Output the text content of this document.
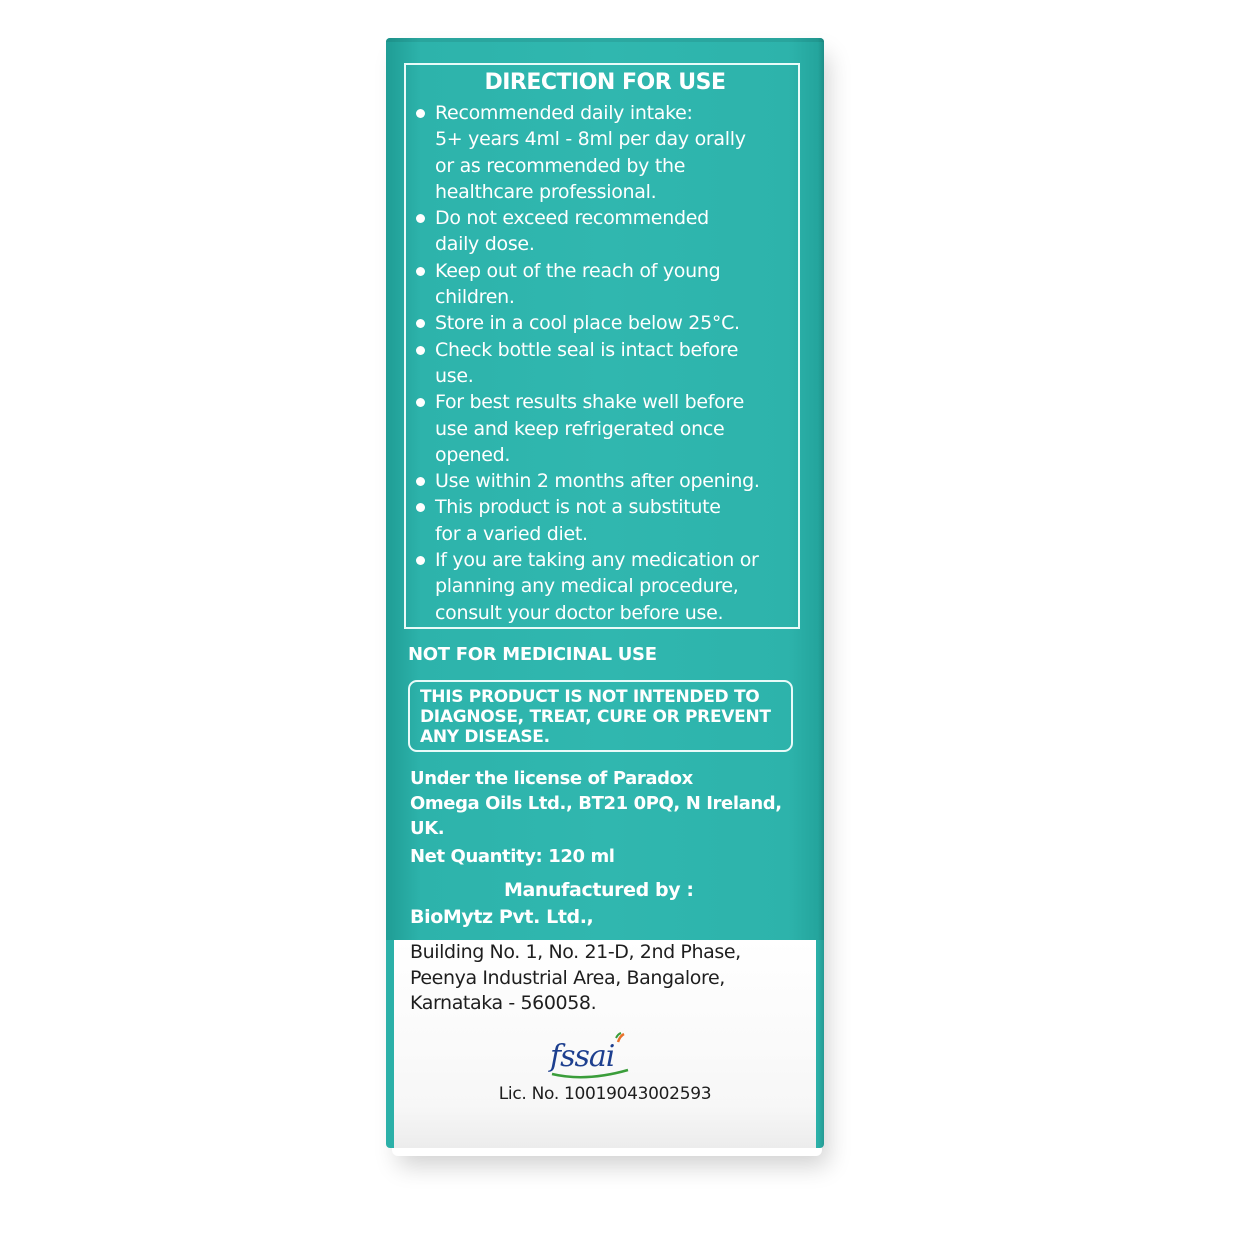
DIRECTION FOR USE
Recommended daily intake:
5+ years 4ml - 8ml per day orally
or as recommended by the
healthcare professional.
Do not exceed recommended
daily dose.
Keep out of the reach of young
children.
Store in a cool place below 25°C.
Check bottle seal is intact before
use.
For best results shake well before
use and keep refrigerated once
opened.
Use within 2 months after opening.
This product is not a substitute
for a varied diet.
If you are taking any medication or
planning any medical procedure,
consult your doctor before use.
NOT FOR MEDICINAL USE
THIS PRODUCT IS NOT INTENDED TO
DIAGNOSE, TREAT, CURE OR PREVENT
ANY DISEASE.
Under the license of Paradox
Omega Oils Ltd., BT21 0PQ, N Ireland,
UK.
Net Quantity: 120 ml
Manufactured by :
BioMytz Pvt. Ltd.,
Building No. 1, No. 21-D, 2nd Phase,
Peenya Industrial Area, Bangalore,
Karnataka - 560058.
fssai
Lic. No. 10019043002593
